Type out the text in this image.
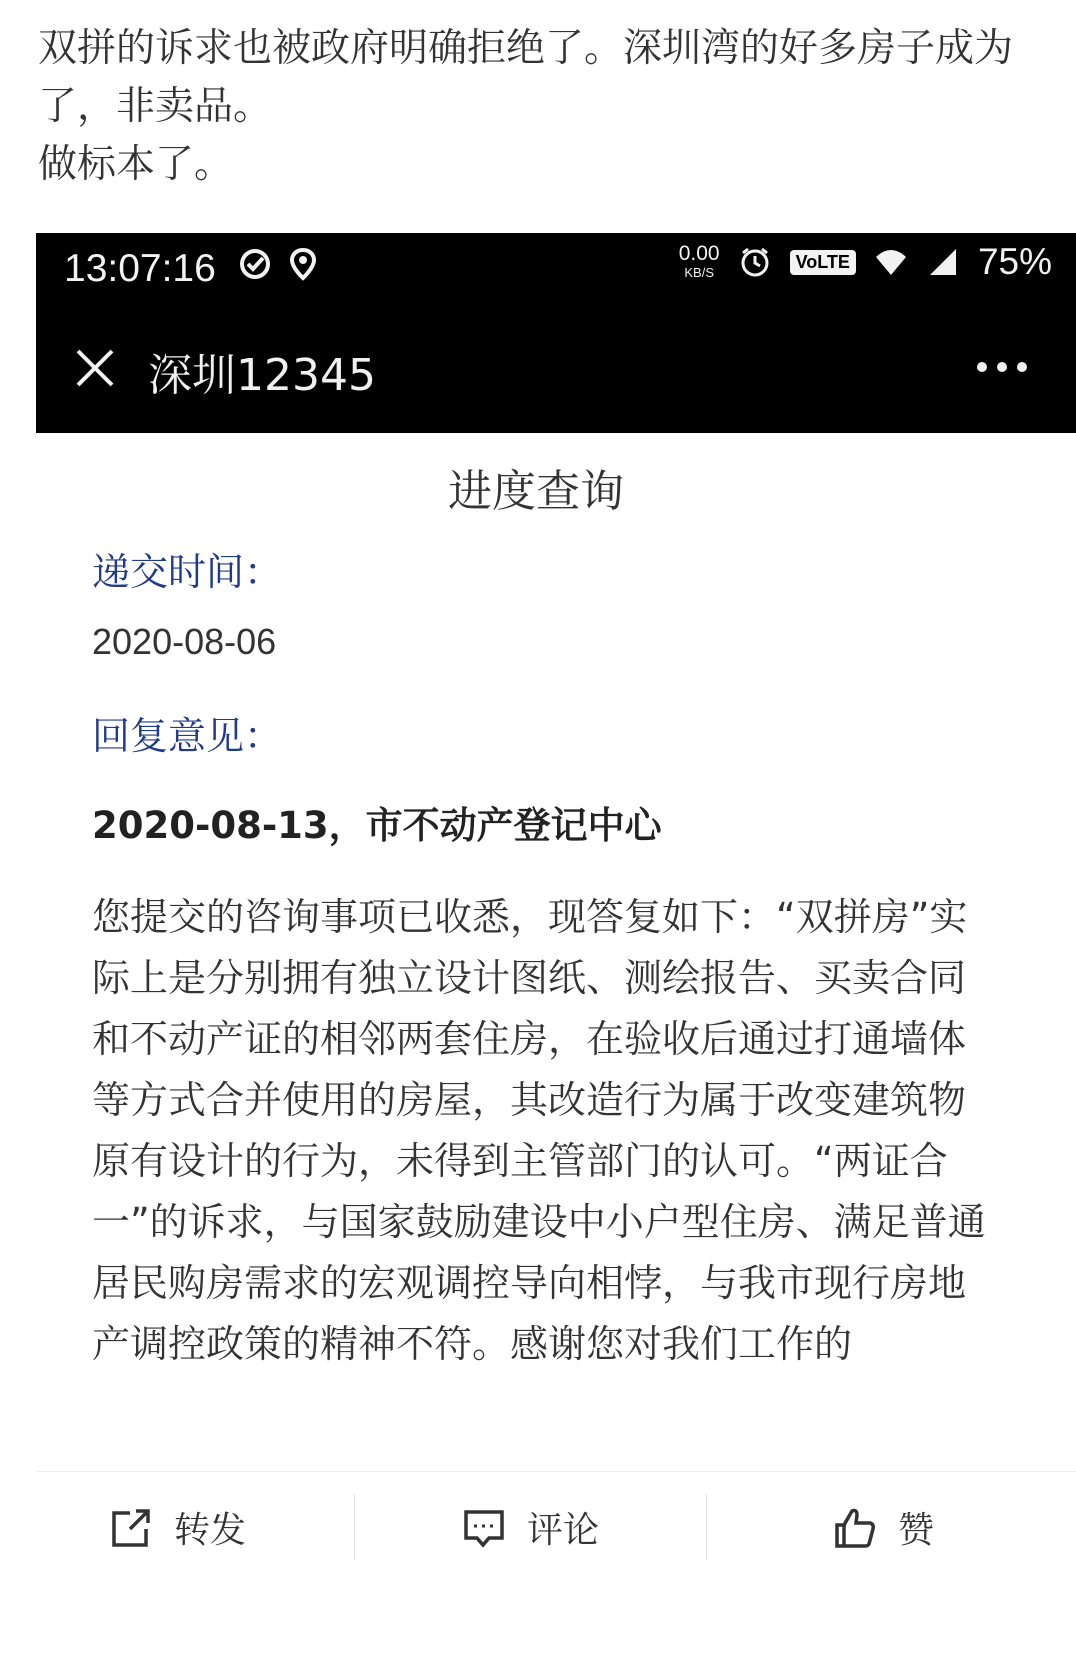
双拼的诉求也被政府明确拒绝了。深圳湾的好多房子成为了，非卖品。
做标本了。
13:07:16	0.00
KB/S
VoLTE	75%
深圳12345
进度查询
递交时间：
2020-08-06
回复意见：
2020-08-13，市不动产登记中心
您提交的咨询事项已收悉，现答复如下：“双拼房”实际上是分别拥有独立设计图纸、测绘报告、买卖合同和不动产证的相邻两套住房，在验收后通过打通墙体等方式合并使用的房屋，其改造行为属于改变建筑物原有设计的行为，未得到主管部门的认可。“两证合一”的诉求，与国家鼓励建设中小户型住房、满足普通居民购房需求的宏观调控导向相悖，与我市现行房地产调控政策的精神不符。感谢您对我们工作的
转发	评论	赞
